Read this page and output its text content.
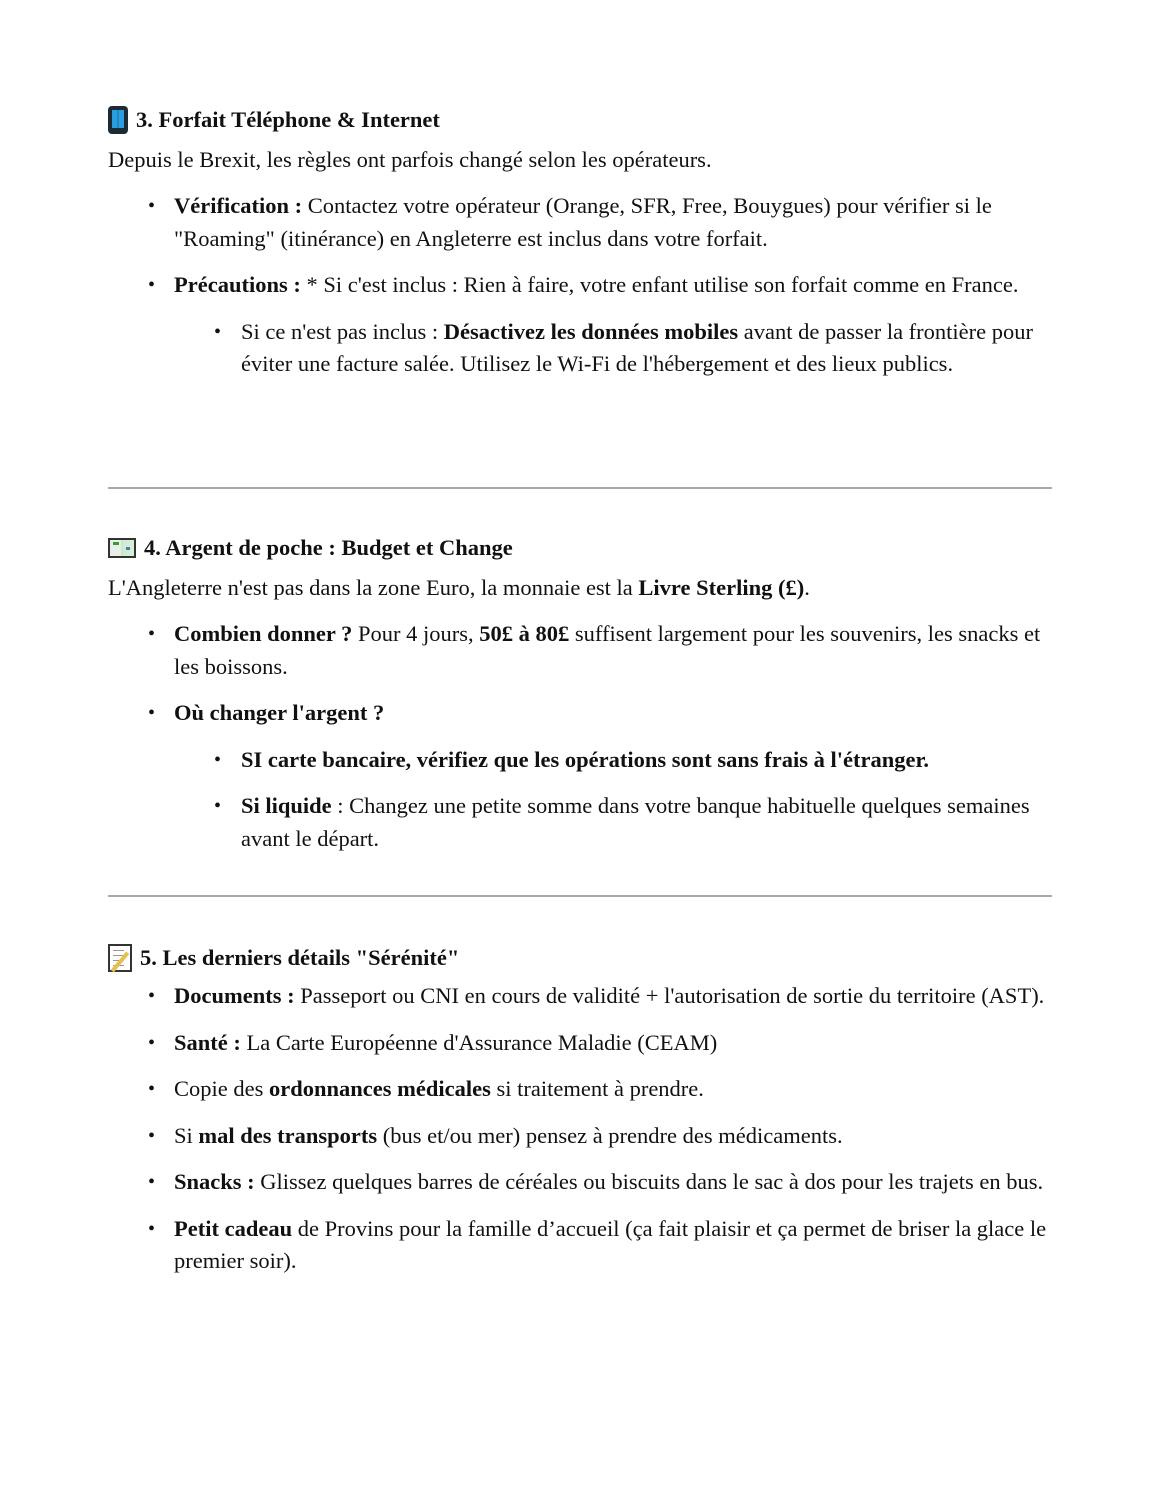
3. Forfait Téléphone & Internet

Depuis le Brexit, les règles ont parfois changé selon les opérateurs.

• Vérification : Contactez votre opérateur (Orange, SFR, Free, Bouygues) pour vérifier si le "Roaming" (itinérance) en Angleterre est inclus dans votre forfait.
• Précautions : * Si c'est inclus : Rien à faire, votre enfant utilise son forfait comme en France.
• Si ce n'est pas inclus : Désactivez les données mobiles avant de passer la frontière pour éviter une facture salée. Utilisez le Wi-Fi de l'hébergement et des lieux publics.
4. Argent de poche : Budget et Change

L'Angleterre n'est pas dans la zone Euro, la monnaie est la Livre Sterling (£).

• Combien donner ? Pour 4 jours, 50£ à 80£ suffisent largement pour les souvenirs, les snacks et les boissons.
• Où changer l'argent ?
• SI carte bancaire, vérifiez que les opérations sont sans frais à l'étranger.
• Si liquide : Changez une petite somme dans votre banque habituelle quelques semaines avant le départ.
5. Les derniers détails "Sérénité"
• Documents : Passeport ou CNI en cours de validité + l'autorisation de sortie du territoire (AST).
• Santé : La Carte Européenne d'Assurance Maladie (CEAM)
• Copie des ordonnances médicales si traitement à prendre.
• Si mal des transports (bus et/ou mer) pensez à prendre des médicaments.
• Snacks : Glissez quelques barres de céréales ou biscuits dans le sac à dos pour les trajets en bus.
• Petit cadeau de Provins pour la famille d’accueil (ça fait plaisir et ça permet de briser la glace le premier soir).
